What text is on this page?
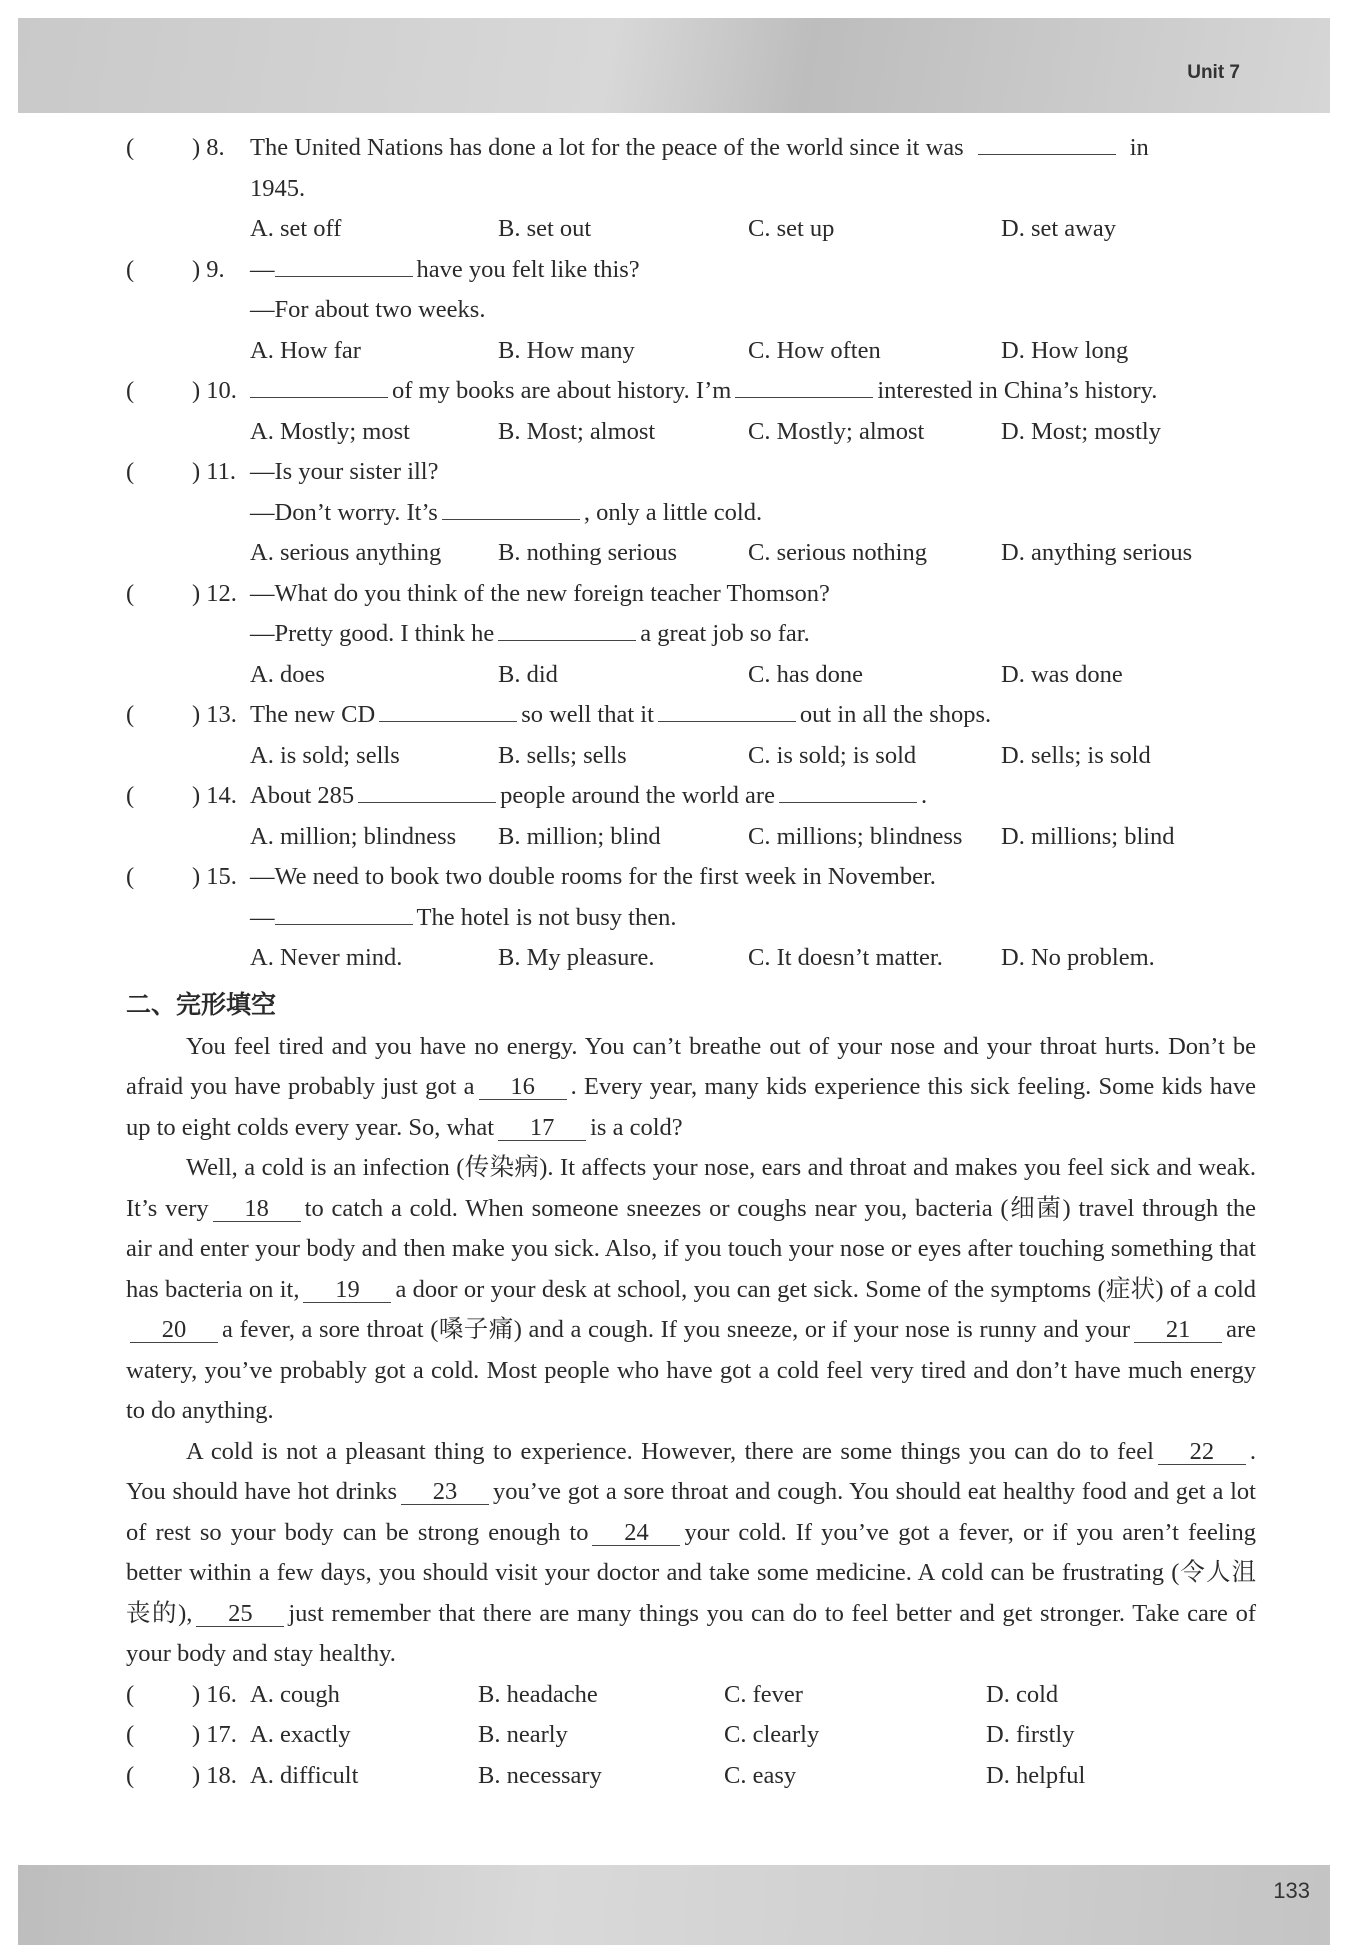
Unit 7
( ) 8. The United Nations has done a lot for the peace of the world since it was	in
1945.
A. set off	B. set out	C. set up	D. set away
( ) 9. —	have you felt like this?
—For about two weeks.
A. How far	B. How many	C. How often	D. How long
( ) 10.	of my books are about history. I’m	interested in China’s history.
A. Mostly; most	B. Most; almost	C. Mostly; almost	D. Most; mostly
( ) 11. —Is your sister ill?
—Don’t worry. It’s	, only a little cold.
A. serious anything B. nothing serious	C. serious nothing	D. anything serious
( ) 12. —What do you think of the new foreign teacher Thomson?
—Pretty good. I think he	a great job so far.
A. does	B. did	C. has done	D. was done
( ) 13. The new CD	so well that it	out in all the shops.
A. is sold; sells	B. sells; sells	C. is sold; is sold	D. sells; is sold
( ) 14. About 285	people around the world are	.
A. million; blindness B. million; blind	C. millions; blindness D. millions; blind
( ) 15. —We need to book two double rooms for the first week in November.
—	The hotel is not busy then.
A. Never mind.	B. My pleasure.	C. It doesn’t matter. D. No problem.
二、完形填空

You feel tired and you have no energy. You can’t breathe out of your nose and your throat hurts. Don’t be afraid you have probably just got a 16 . Every year, many kids experience this sick feeling. Some kids have up to eight colds every year. So, what 17 is a cold?

Well, a cold is an infection (传染病). It affects your nose, ears and throat and makes you feel sick and weak. It’s very 18 to catch a cold. When someone sneezes or coughs near you, bacteria (细菌) travel through the air and enter your body and then make you sick. Also, if you touch your nose or eyes after touching something that has bacteria on it, 19 a door or your desk at school, you can get sick. Some of the symptoms (症状) of a cold20 a fever, a sore throat (嗓子痛) and a cough. If you sneeze, or if your nose is runny and your 21 are watery, you’ve probably got a cold. Most people who have got a cold feel very tired and don’t have much energy to do anything.

A cold is not a pleasant thing to experience. However, there are some things you can do to feel 22 . You should have hot drinks 23 you’ve got a sore throat and cough. You should eat healthy food and get a lot of rest so your body can be strong enough to 24 your cold. If you’ve got a fever, or if you aren’t feeling better within a few days, you should visit your doctor and take some medicine. A cold can be frustrating (令人沮丧的), 25 just remember that there are many things you can do to feel better and get stronger. Take care of your body and stay healthy.

( ) 16. A. cough	B. headache	C. fever	D. cold
( ) 17. A. exactly	B. nearly	C. clearly	D. firstly
( ) 18. A. difficult	B. necessary	C. easy	D. helpful
133
